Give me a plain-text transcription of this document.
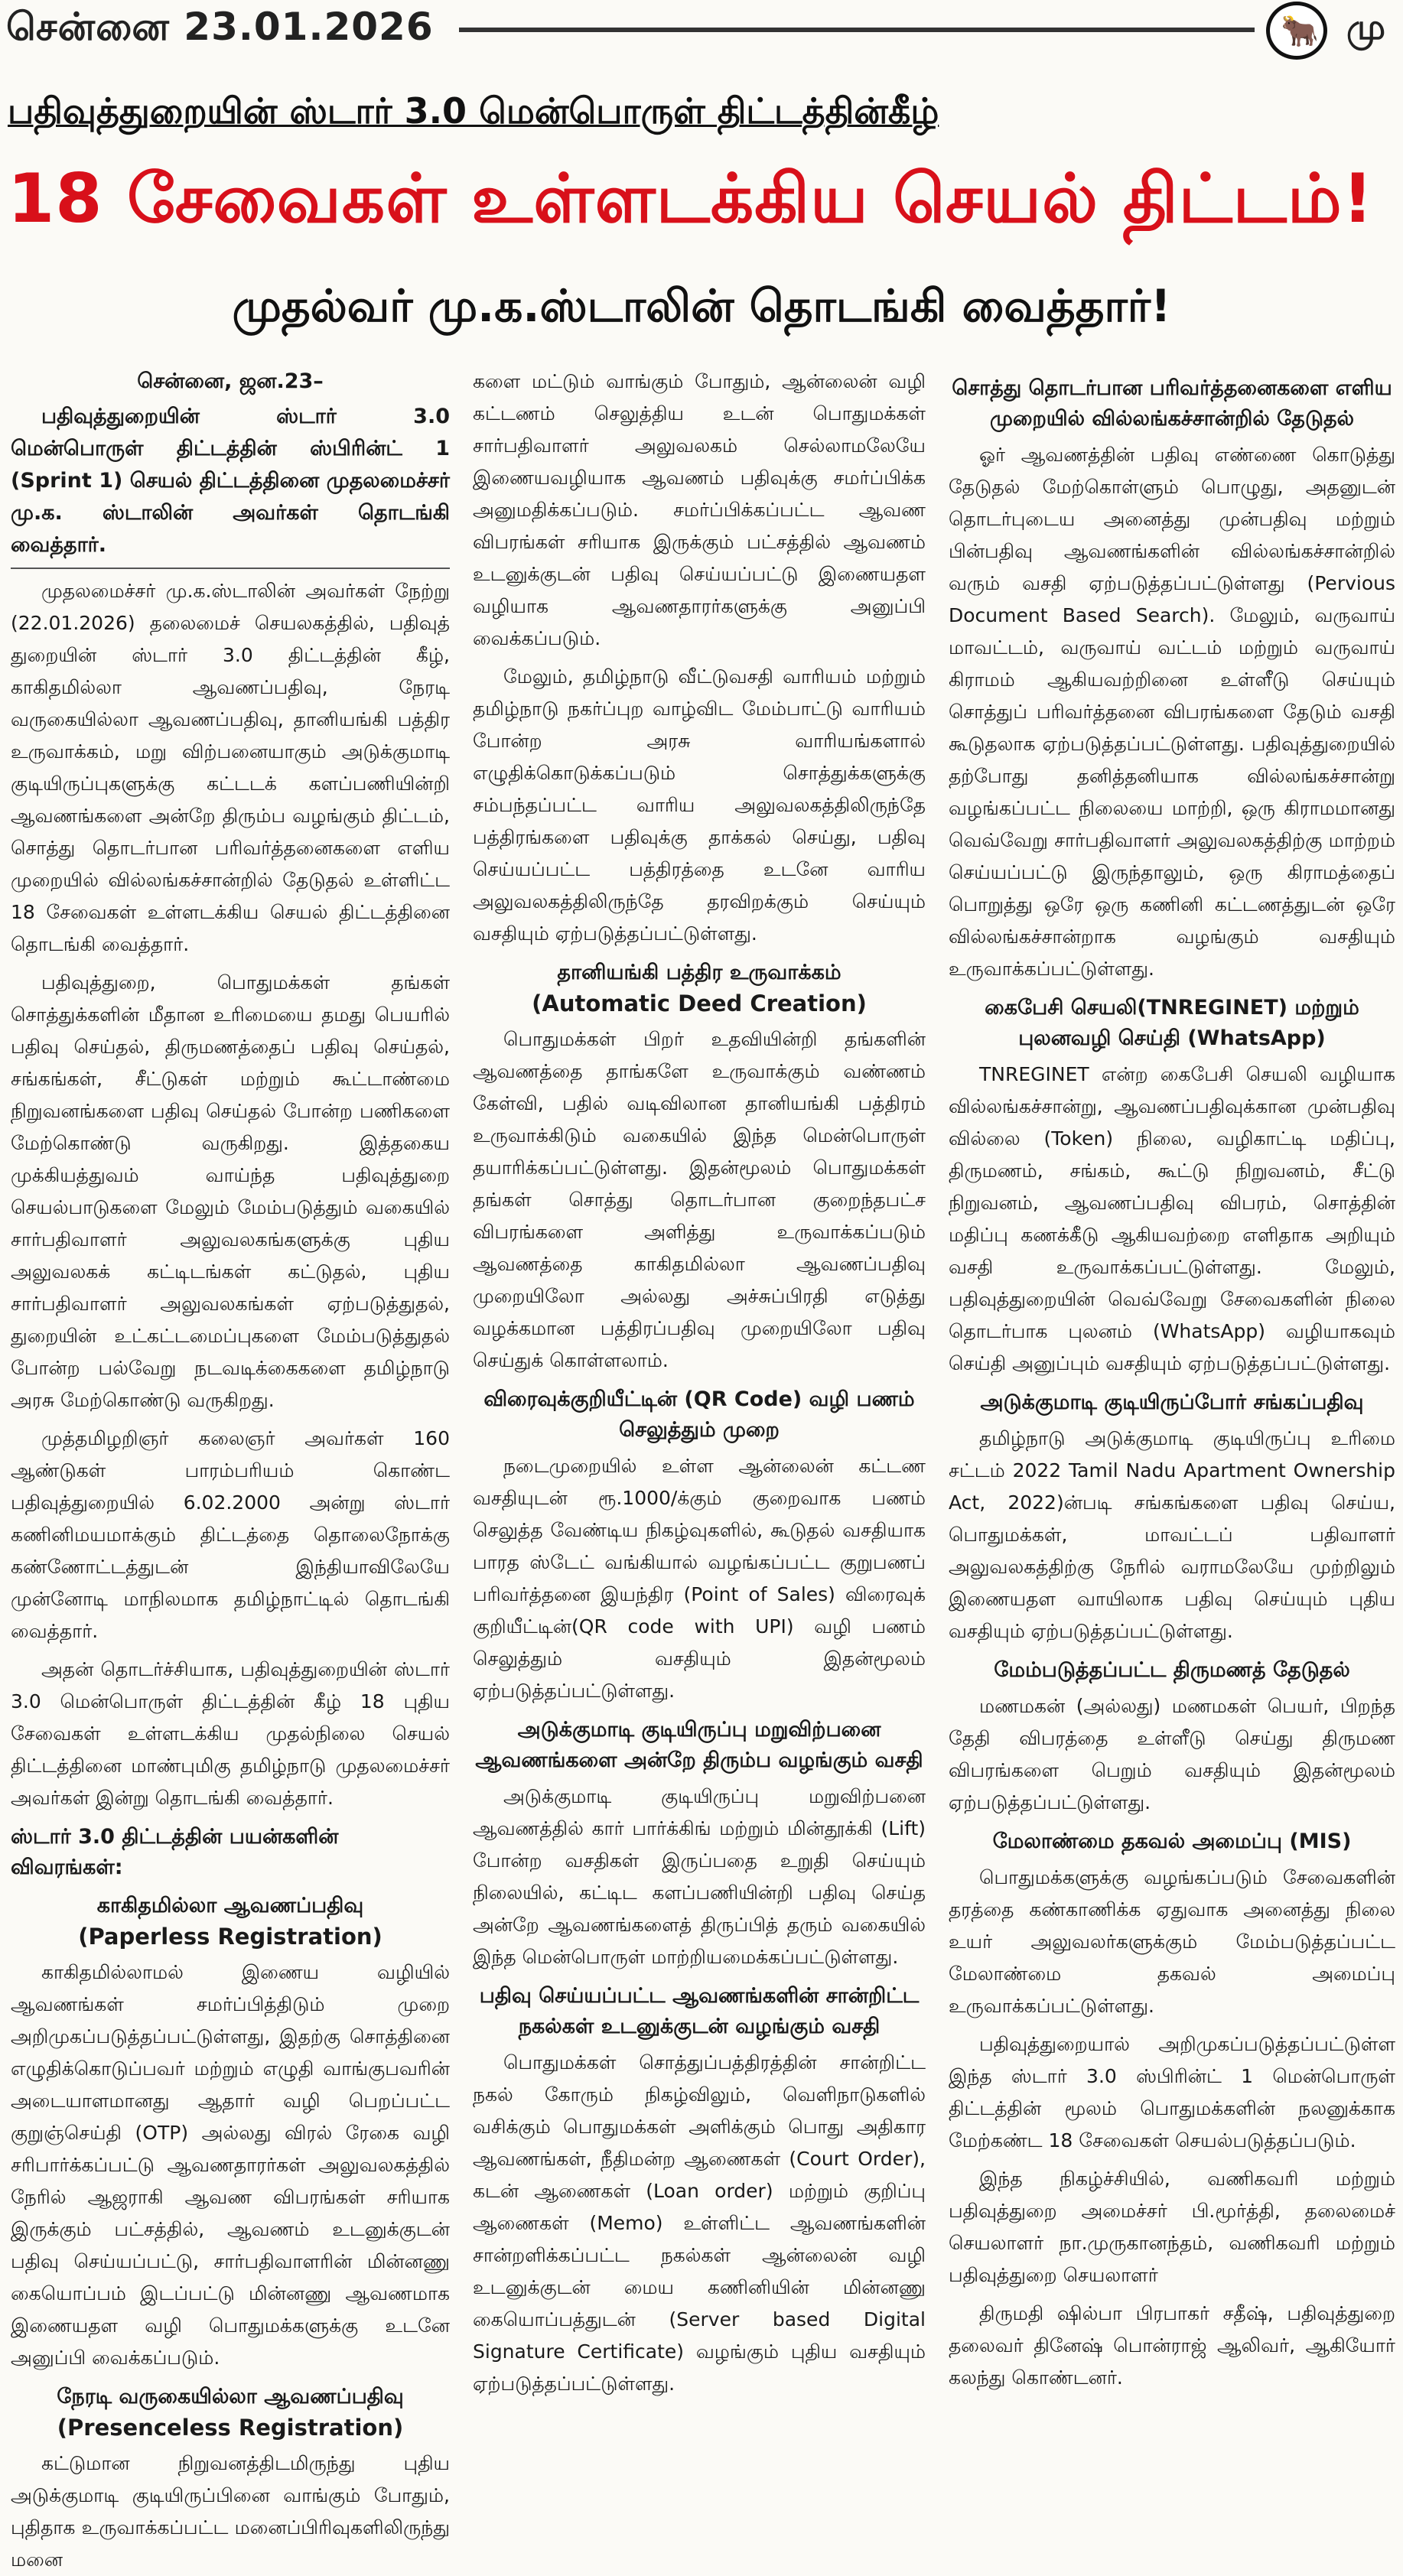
சென்னை 23.01.2026	🐂 மு
பதிவுத்துறையின் ஸ்டார் 3.0 மென்பொருள் திட்டத்தின்கீழ்
18 சேவைகள் உள்ளடக்கிய செயல் திட்டம்!
முதல்வர் மு.க.ஸ்டாலின் தொடங்கி வைத்தார்!
சென்னை, ஜன.23–

பதிவுத்துறையின் ஸ்டார் 3.0 மென்பொருள் திட்டத்தின் ஸ்பிரின்ட் 1 (Sprint 1) செயல் திட்டத்தினை முதலமைச்சர் மு.க. ஸ்டாலின் அவர்கள் தொடங்கி வைத்தார்.

முதலமைச்சர் மு.க.ஸ்டாலின் அவர்கள் நேற்று (22.01.2026) தலைமைச் செயலகத்தில், பதிவுத் துறையின் ஸ்டார் 3.0 திட்டத்தின் கீழ், காகிதமில்லா ஆவணப்பதிவு, நேரடி வருகையில்லா ஆவணப்பதிவு, தானியங்கி பத்திர உருவாக்கம், மறு விற்பனையாகும் அடுக்குமாடி குடியிருப்புகளுக்கு கட்டடக் களப்பணியின்றி ஆவணங்களை அன்றே திரும்ப வழங்கும் திட்டம், சொத்து தொடர்பான பரிவர்த்தனைகளை எளிய முறையில் வில்லங்கச்சான்றில் தேடுதல் உள்ளிட்ட 18 சேவைகள் உள்ளடக்கிய செயல் திட்டத்தினை தொடங்கி வைத்தார்.

பதிவுத்துறை, பொதுமக்கள் தங்கள் சொத்துக்களின் மீதான உரிமையை தமது பெயரில் பதிவு செய்தல், திருமணத்தைப் பதிவு செய்தல், சங்கங்கள், சீட்டுகள் மற்றும் கூட்டாண்மை நிறுவனங்களை பதிவு செய்தல் போன்ற பணிகளை மேற்கொண்டு வருகிறது. இத்தகைய முக்கியத்துவம் வாய்ந்த பதிவுத்துறை செயல்பாடுகளை மேலும் மேம்படுத்தும் வகையில் சார்பதிவாளர் அலுவலகங்களுக்கு புதிய அலுவலகக் கட்டிடங்கள் கட்டுதல், புதிய சார்பதிவாளர் அலுவலகங்கள் ஏற்படுத்துதல், துறையின் உட்கட்டமைப்புகளை மேம்படுத்துதல் போன்ற பல்வேறு நடவடிக்கைகளை தமிழ்நாடு அரசு மேற்கொண்டு வருகிறது.

முத்தமிழறிஞர் கலைஞர் அவர்கள் 160 ஆண்டுகள் பாரம்பரியம் கொண்ட பதிவுத்துறையில் 6.02.2000 அன்று ஸ்டார் கணினிமயமாக்கும் திட்டத்தை தொலைநோக்கு கண்ணோட்டத்துடன் இந்தியாவிலேயே முன்னோடி மாநிலமாக தமிழ்நாட்டில் தொடங்கி வைத்தார்.

அதன் தொடர்ச்சியாக, பதிவுத்துறையின் ஸ்டார் 3.0 மென்பொருள் திட்டத்தின் கீழ் 18 புதிய சேவைகள் உள்ளடக்கிய முதல்நிலை செயல் திட்டத்தினை மாண்புமிகு தமிழ்நாடு முதலமைச்சர் அவர்கள் இன்று தொடங்கி வைத்தார்.

ஸ்டார் 3.0 திட்டத்தின் பயன்களின் விவரங்கள்:
காகிதமில்லா ஆவணப்பதிவு
(Paperless Registration)

காகிதமில்லாமல் இணைய வழியில் ஆவணங்கள் சமர்ப்பித்திடும் முறை அறிமுகப்படுத்தப்பட்டுள்ளது, இதற்கு சொத்தினை எழுதிக்கொடுப்பவர் மற்றும் எழுதி வாங்குபவரின் அடையாளமானது ஆதார் வழி பெறப்பட்ட குறுஞ்செய்தி (OTP) அல்லது விரல் ரேகை வழி சரிபார்க்கப்பட்டு ஆவணதாரர்கள் அலுவலகத்தில் நேரில் ஆஜராகி ஆவண விபரங்கள் சரியாக இருக்கும் பட்சத்தில், ஆவணம் உடனுக்குடன் பதிவு செய்யப்பட்டு, சார்பதிவாளரின் மின்னணு கையொப்பம் இடப்பட்டு மின்னணு ஆவணமாக இணையதள வழி பொதுமக்களுக்கு உடனே அனுப்பி வைக்கப்படும்.

நேரடி வருகையில்லா ஆவணப்பதிவு
(Presenceless Registration)

கட்டுமான நிறுவனத்திடமிருந்து புதிய அடுக்குமாடி குடியிருப்பினை வாங்கும் போதும், புதிதாக உருவாக்கப்பட்ட மனைப்பிரிவுகளிலிருந்து மனை

களை மட்டும் வாங்கும் போதும், ஆன்லைன் வழி கட்டணம் செலுத்திய உடன் பொதுமக்கள் சார்பதிவாளர் அலுவலகம் செல்லாமலேயே இணையவழியாக ஆவணம் பதிவுக்கு சமர்ப்பிக்க அனுமதிக்கப்படும். சமர்ப்பிக்கப்பட்ட ஆவண விபரங்கள் சரியாக இருக்கும் பட்சத்தில் ஆவணம் உடனுக்குடன் பதிவு செய்யப்பட்டு இணையதள வழியாக ஆவணதாரர்களுக்கு அனுப்பி வைக்கப்படும்.

மேலும், தமிழ்நாடு வீட்டுவசதி வாரியம் மற்றும் தமிழ்நாடு நகர்ப்புற வாழ்விட மேம்பாட்டு வாரியம் போன்ற அரசு வாரியங்களால் எழுதிக்கொடுக்கப்படும் சொத்துக்களுக்கு சம்பந்தப்பட்ட வாரிய அலுவலகத்திலிருந்தே பத்திரங்களை பதிவுக்கு தாக்கல் செய்து, பதிவு செய்யப்பட்ட பத்திரத்தை உடனே வாரிய அலுவலகத்திலிருந்தே தரவிறக்கும் செய்யும் வசதியும் ஏற்படுத்தப்பட்டுள்ளது.

தானியங்கி பத்திர உருவாக்கம்
(Automatic Deed Creation)

பொதுமக்கள் பிறர் உதவியின்றி தங்களின் ஆவணத்தை தாங்களே உருவாக்கும் வண்ணம் கேள்வி, பதில் வடிவிலான தானியங்கி பத்திரம் உருவாக்கிடும் வகையில் இந்த மென்பொருள் தயாரிக்கப்பட்டுள்ளது. இதன்மூலம் பொதுமக்கள் தங்கள் சொத்து தொடர்பான குறைந்தபட்ச விபரங்களை அளித்து உருவாக்கப்படும் ஆவணத்தை காகிதமில்லா ஆவணப்பதிவு முறையிலோ அல்லது அச்சுப்பிரதி எடுத்து வழக்கமான பத்திரப்பதிவு முறையிலோ பதிவு செய்துக் கொள்ளலாம்.

விரைவுக்குறியீட்டின் (QR Code) வழி பணம் செலுத்தும் முறை

நடைமுறையில் உள்ள ஆன்லைன் கட்டண வசதியுடன் ரூ.1000/க்கும் குறைவாக பணம் செலுத்த வேண்டிய நிகழ்வுகளில், கூடுதல் வசதியாக பாரத ஸ்டேட் வங்கியால் வழங்கப்பட்ட குறுபணப் பரிவர்த்தனை இயந்திர (Point of Sales) விரைவுக் குறியீட்டின்(QR code with UPI) வழி பணம் செலுத்தும் வசதியும் இதன்மூலம் ஏற்படுத்தப்பட்டுள்ளது.

அடுக்குமாடி குடியிருப்பு மறுவிற்பனை ஆவணங்களை அன்றே திரும்ப வழங்கும் வசதி

அடுக்குமாடி குடியிருப்பு மறுவிற்பனை ஆவணத்தில் கார் பார்க்கிங் மற்றும் மின்தூக்கி (Lift) போன்ற வசதிகள் இருப்பதை உறுதி செய்யும் நிலையில், கட்டிட களப்பணியின்றி பதிவு செய்த அன்றே ஆவணங்களைத் திருப்பித் தரும் வகையில் இந்த மென்பொருள் மாற்றியமைக்கப்பட்டுள்ளது.

பதிவு செய்யப்பட்ட ஆவணங்களின் சான்றிட்ட நகல்கள் உடனுக்குடன் வழங்கும் வசதி

பொதுமக்கள் சொத்துப்பத்திரத்தின் சான்றிட்ட நகல் கோரும் நிகழ்விலும், வெளிநாடுகளில் வசிக்கும் பொதுமக்கள் அளிக்கும் பொது அதிகார ஆவணங்கள், நீதிமன்ற ஆணைகள் (Court Order), கடன் ஆணைகள் (Loan order) மற்றும் குறிப்பு ஆணைகள் (Memo) உள்ளிட்ட ஆவணங்களின் சான்றளிக்கப்பட்ட நகல்கள் ஆன்லைன் வழி உடனுக்குடன் மைய கணினியின் மின்னணு கையொப்பத்துடன் (Server based Digital Signature Certificate) வழங்கும் புதிய வசதியும் ஏற்படுத்தப்பட்டுள்ளது.

சொத்து தொடர்பான பரிவர்த்தனைகளை எளிய முறையில் வில்லங்கச்சான்றில் தேடுதல்

ஓர் ஆவணத்தின் பதிவு எண்ணை கொடுத்து தேடுதல் மேற்கொள்ளும் பொழுது, அதனுடன் தொடர்புடைய அனைத்து முன்பதிவு மற்றும் பின்பதிவு ஆவணங்களின் வில்லங்கச்சான்றில் வரும் வசதி ஏற்படுத்தப்பட்டுள்ளது (Pervious Document Based Search). மேலும், வருவாய் மாவட்டம், வருவாய் வட்டம் மற்றும் வருவாய் கிராமம் ஆகியவற்றினை உள்ளீடு செய்யும் சொத்துப் பரிவர்த்தனை விபரங்களை தேடும் வசதி கூடுதலாக ஏற்படுத்தப்பட்டுள்ளது. பதிவுத்துறையில் தற்போது தனித்தனியாக வில்லங்கச்சான்று வழங்கப்பட்ட நிலையை மாற்றி, ஒரு கிராமமானது வெவ்வேறு சார்பதிவாளர் அலுவலகத்திற்கு மாற்றம் செய்யப்பட்டு இருந்தாலும், ஒரு கிராமத்தைப் பொறுத்து ஒரே ஒரு கணினி கட்டணத்துடன் ஒரே வில்லங்கச்சான்றாக வழங்கும் வசதியும் உருவாக்கப்பட்டுள்ளது.

கைபேசி செயலி(TNREGINET) மற்றும் புலனவழி செய்தி (WhatsApp)

TNREGINET என்ற கைபேசி செயலி வழியாக வில்லங்கச்சான்று, ஆவணப்பதிவுக்கான முன்பதிவு வில்லை (Token) நிலை, வழிகாட்டி மதிப்பு, திருமணம், சங்கம், கூட்டு நிறுவனம், சீட்டு நிறுவனம், ஆவணப்பதிவு விபரம், சொத்தின் மதிப்பு கணக்கீடு ஆகியவற்றை எளிதாக அறியும் வசதி உருவாக்கப்பட்டுள்ளது. மேலும், பதிவுத்துறையின் வெவ்வேறு சேவைகளின் நிலை தொடர்பாக புலனம் (WhatsApp) வழியாகவும் செய்தி அனுப்பும் வசதியும் ஏற்படுத்தப்பட்டுள்ளது.

அடுக்குமாடி குடியிருப்போர் சங்கப்பதிவு

தமிழ்நாடு அடுக்குமாடி குடியிருப்பு உரிமை சட்டம் 2022 Tamil Nadu Apartment Ownership Act, 2022)ன்படி சங்கங்களை பதிவு செய்ய, பொதுமக்கள், மாவட்டப் பதிவாளர் அலுவலகத்திற்கு நேரில் வராமலேயே முற்றிலும் இணையதள வாயிலாக பதிவு செய்யும் புதிய வசதியும் ஏற்படுத்தப்பட்டுள்ளது.

மேம்படுத்தப்பட்ட திருமணத் தேடுதல்

மணமகன் (அல்லது) மணமகள் பெயர், பிறந்த தேதி விபரத்தை உள்ளீடு செய்து திருமண விபரங்களை பெறும் வசதியும் இதன்மூலம் ஏற்படுத்தப்பட்டுள்ளது.

மேலாண்மை தகவல் அமைப்பு (MIS)

பொதுமக்களுக்கு வழங்கப்படும் சேவைகளின் தரத்தை கண்காணிக்க ஏதுவாக அனைத்து நிலை உயர் அலுவலர்களுக்கும் மேம்படுத்தப்பட்ட மேலாண்மை தகவல் அமைப்பு உருவாக்கப்பட்டுள்ளது.

பதிவுத்துறையால் அறிமுகப்படுத்தப்பட்டுள்ள இந்த ஸ்டார் 3.0 ஸ்பிரின்ட் 1 மென்பொருள் திட்டத்தின் மூலம் பொதுமக்களின் நலனுக்காக மேற்கண்ட 18 சேவைகள் செயல்படுத்தப்படும்.

இந்த நிகழ்ச்சியில், வணிகவரி மற்றும் பதிவுத்துறை அமைச்சர் பி.மூர்த்தி, தலைமைச் செயலாளர் நா.முருகானந்தம், வணிகவரி மற்றும் பதிவுத்துறை செயலாளர்

திருமதி ஷில்பா பிரபாகர் சதீஷ், பதிவுத்துறை தலைவர் தினேஷ் பொன்ராஜ் ஆலிவர், ஆகியோர் கலந்து கொண்டனர்.
